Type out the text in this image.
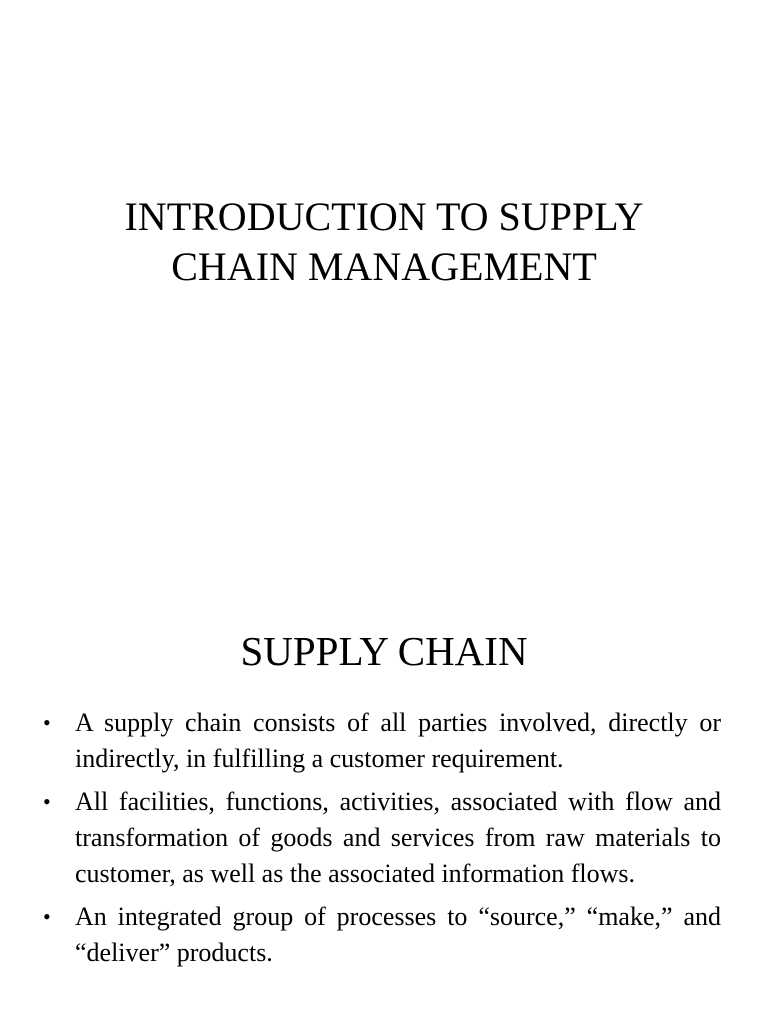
INTRODUCTION TO SUPPLY
CHAIN MANAGEMENT
SUPPLY CHAIN
• A supply chain consists of all parties involved, directly or indirectly, in fulfilling a customer requirement.
• All facilities, functions, activities, associated with flow and transformation of goods and services from raw materials to customer, as well as the associated information flows.
• An integrated group of processes to “source,” “make,” and “deliver” products.
